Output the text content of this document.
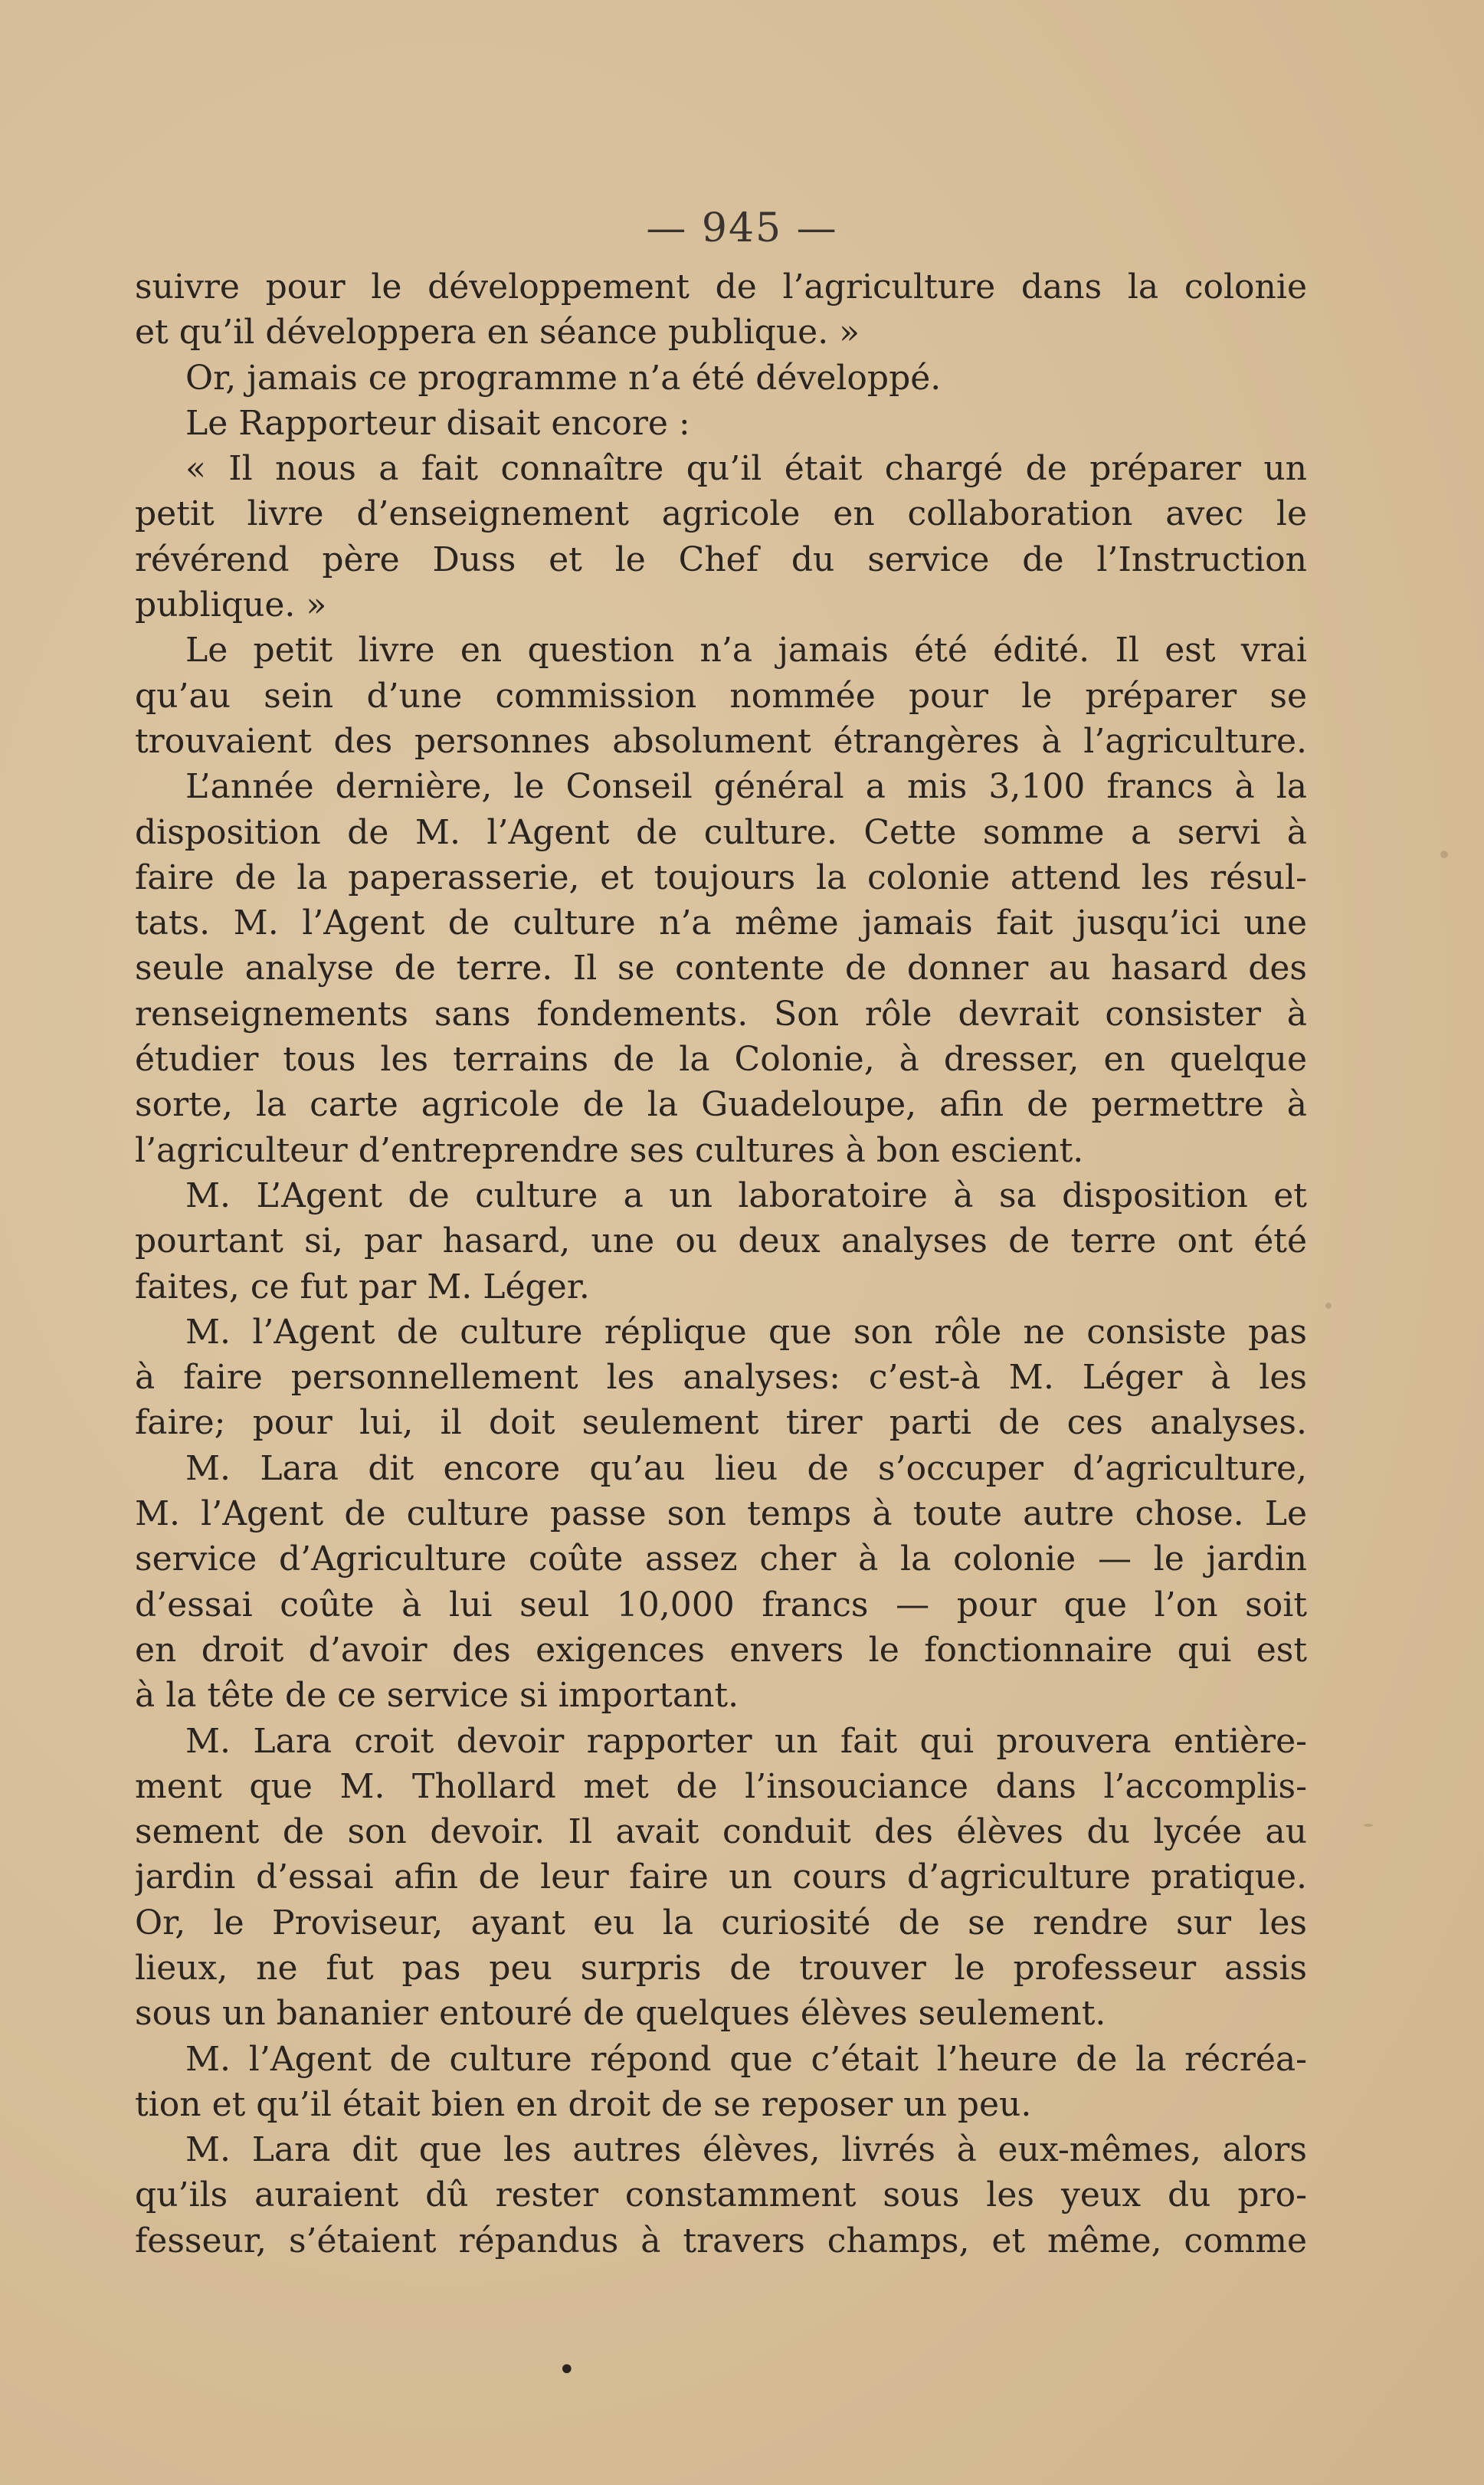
— 945 —
suivre pour le développement de l’agriculture dans la colonie
et qu’il développera en séance publique. »
Or, jamais ce programme n’a été développé.
Le Rapporteur disait encore :
« Il nous a fait connaître qu’il était chargé de préparer un
petit livre d’enseignement agricole en collaboration avec le
révérend père Duss et le Chef du service de l’Instruction
publique. »
Le petit livre en question n’a jamais été édité. Il est vrai
qu’au sein d’une commission nommée pour le préparer se
trouvaient des personnes absolument étrangères à l’agriculture.
L’année dernière, le Conseil général a mis 3,100 francs à la
disposition de M. l’Agent de culture. Cette somme a servi à
faire de la paperasserie, et toujours la colonie attend les résul-
tats. M. l’Agent de culture n’a même jamais fait jusqu’ici une
seule analyse de terre. Il se contente de donner au hasard des
renseignements sans fondements. Son rôle devrait consister à
étudier tous les terrains de la Colonie, à dresser, en quelque
sorte, la carte agricole de la Guadeloupe, afin de permettre à
l’agriculteur d’entreprendre ses cultures à bon escient.
M. L’Agent de culture a un laboratoire à sa disposition et
pourtant si, par hasard, une ou deux analyses de terre ont été
faites, ce fut par M. Léger.
M. l’Agent de culture réplique que son rôle ne consiste pas
à faire personnellement les analyses: c’est-à M. Léger à les
faire; pour lui, il doit seulement tirer parti de ces analyses.
M. Lara dit encore qu’au lieu de s’occuper d’agriculture,
M. l’Agent de culture passe son temps à toute autre chose. Le
service d’Agriculture coûte assez cher à la colonie — le jardin
d’essai coûte à lui seul 10,000 francs — pour que l’on soit
en droit d’avoir des exigences envers le fonctionnaire qui est
à la tête de ce service si important.
M. Lara croit devoir rapporter un fait qui prouvera entière-
ment que M. Thollard met de l’insouciance dans l’accomplis-
sement de son devoir. Il avait conduit des élèves du lycée au
jardin d’essai afin de leur faire un cours d’agriculture pratique.
Or, le Proviseur, ayant eu la curiosité de se rendre sur les
lieux, ne fut pas peu surpris de trouver le professeur assis
sous un bananier entouré de quelques élèves seulement.
M. l’Agent de culture répond que c’était l’heure de la récréa-
tion et qu’il était bien en droit de se reposer un peu.
M. Lara dit que les autres élèves, livrés à eux-mêmes, alors
qu’ils auraient dû rester constamment sous les yeux du pro-
fesseur, s’étaient répandus à travers champs, et même, comme
•
